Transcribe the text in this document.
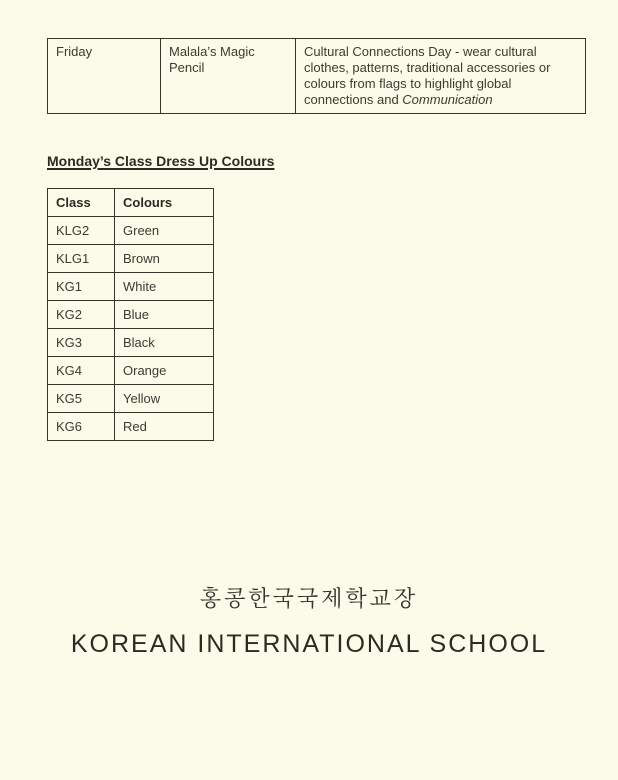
Friday	Malala’s Magic Pencil	Cultural Connections Day - wear cultural clothes, patterns, traditional accessories or colours from flags to highlight global connections and Communication
Monday’s Class Dress Up Colours
Class	Colours
KLG2	Green
KLG1	Brown
KG1	White
KG2	Blue
KG3	Black
KG4	Orange
KG5	Yellow
KG6	Red
홍콩한국국제학교장
KOREAN INTERNATIONAL SCHOOL
